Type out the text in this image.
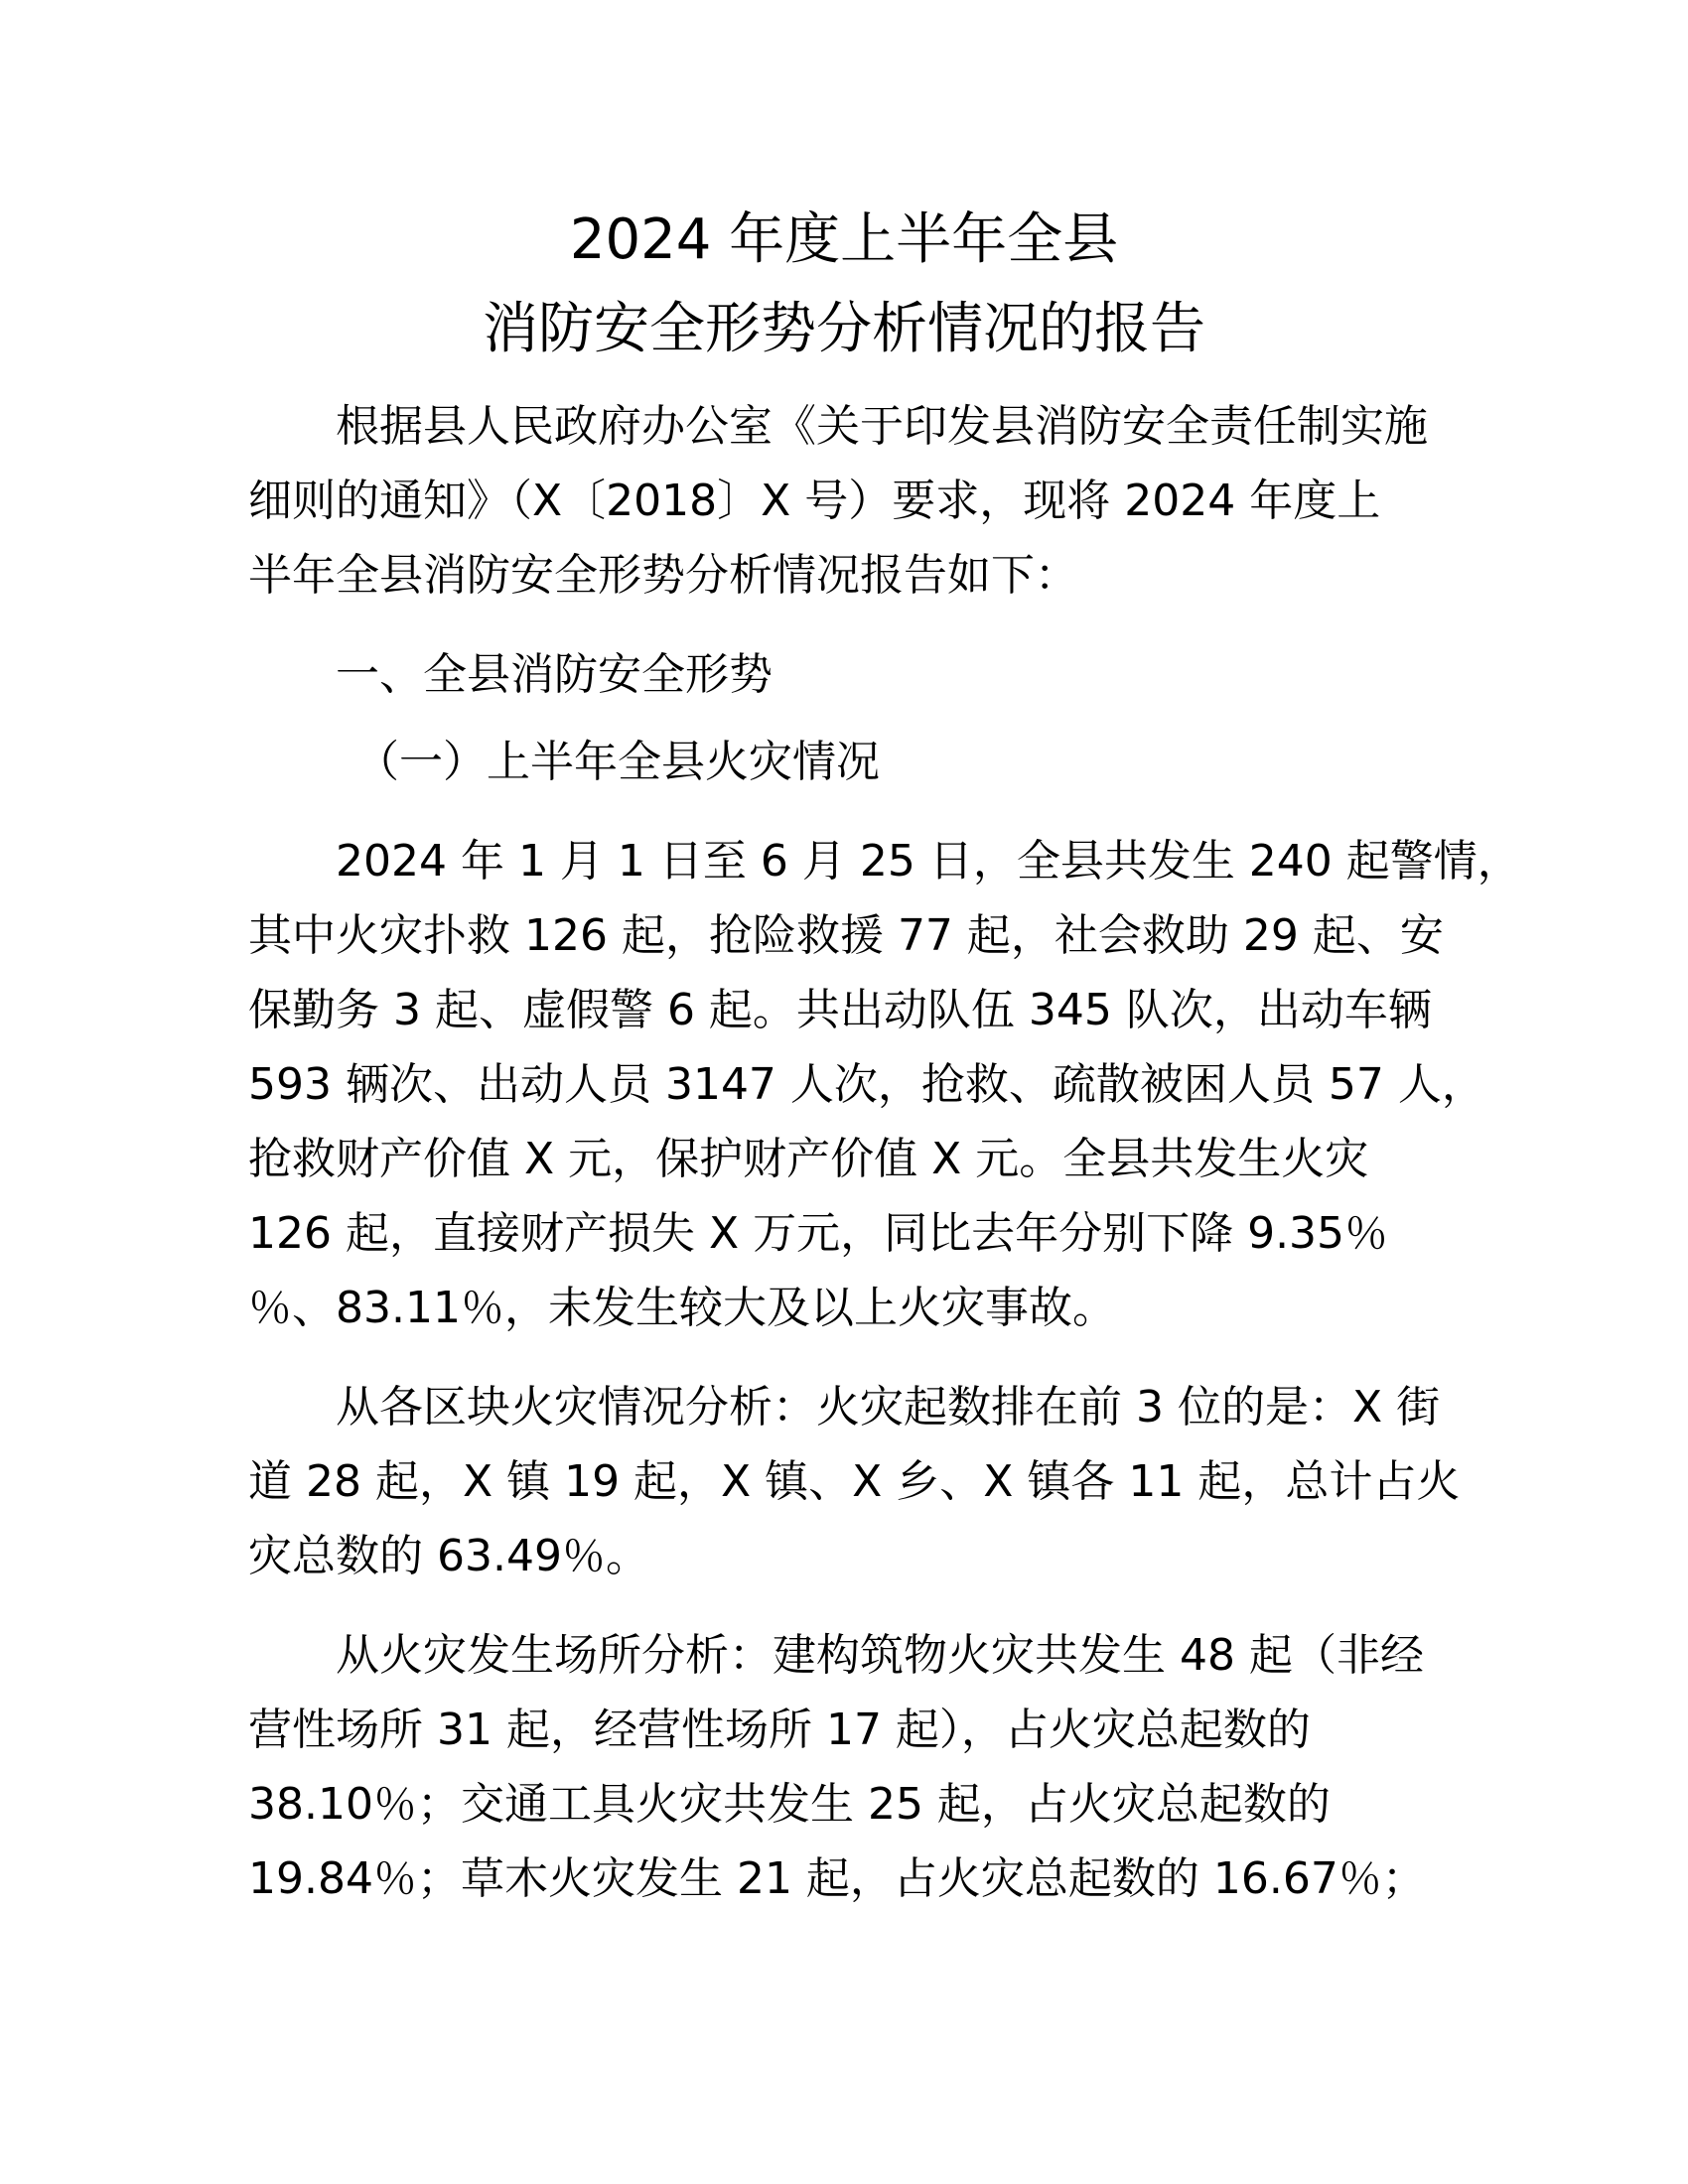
2024 年度上半年全县
消防安全形势分析情况的报告

根据县人民政府办公室《关于印发县消防安全责任制实施

细则的通知》（X〔2018〕X 号）要求，现将 2024 年度上

半年全县消防安全形势分析情况报告如下：

一、全县消防安全形势

（一）上半年全县火灾情况

2024 年 1 月 1 日至 6 月 25 日，全县共发生 240 起警情，

其中火灾扑救 126 起，抢险救援 77 起，社会救助 29 起、安

保勤务 3 起、虚假警 6 起。共出动队伍 345 队次，出动车辆

593 辆次、出动人员 3147 人次，抢救、疏散被困人员 57 人，

抢救财产价值 X 元，保护财产价值 X 元。全县共发生火灾

126 起，直接财产损失 X 万元，同比去年分别下降 9.35％

％、83.11％，未发生较大及以上火灾事故。

从各区块火灾情况分析：火灾起数排在前 3 位的是：X 街

道 28 起，X 镇 19 起，X 镇、X 乡、X 镇各 11 起，总计占火

灾总数的 63.49％。

从火灾发生场所分析：建构筑物火灾共发生 48 起（非经

营性场所 31 起，经营性场所 17 起），占火灾总起数的

38.10％；交通工具火灾共发生 25 起，占火灾总起数的

19.84％；草木火灾发生 21 起，占火灾总起数的 16.67％；
